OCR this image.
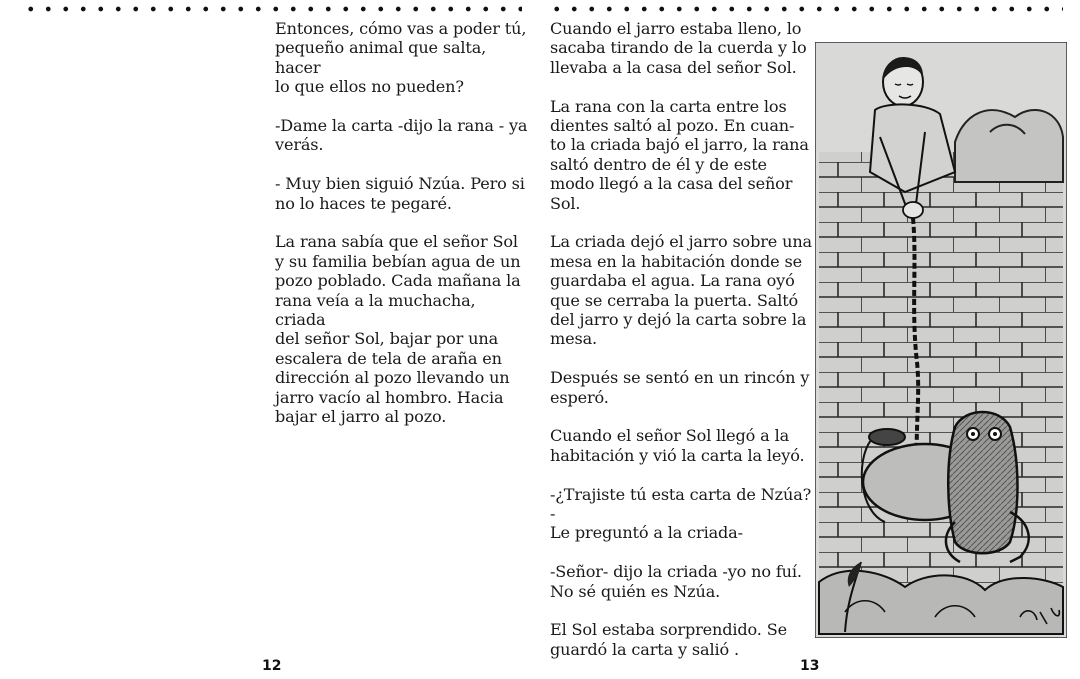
Entonces, cómo vas a poder tú,
pequeño animal que salta, hacer
lo que ellos no pueden?

-Dame la carta -dijo la rana - ya
verás.

- Muy bien siguió Nzúa. Pero si
no lo haces te pegaré.

La rana sabía que el señor Sol
y su familia bebían agua de un
pozo poblado. Cada mañana la
rana veía a la muchacha, criada
del señor Sol, bajar por una
escalera de tela de araña en
dirección al pozo llevando un
jarro vacío al hombro. Hacia
bajar el jarro al pozo.

Cuando el jarro estaba lleno, lo
sacaba tirando de la cuerda y lo
llevaba a la casa del señor Sol.

La rana con la carta entre los
dientes saltó al pozo. En cuan-
to la criada bajó el jarro, la rana
saltó dentro de él y de este
modo llegó a la casa del señor
Sol.

La criada dejó el jarro sobre una
mesa en la habitación donde se
guardaba el agua. La rana oyó
que se cerraba la puerta. Saltó
del jarro y dejó la carta sobre la
mesa.

Después se sentó en un rincón y
esperó.

Cuando el señor Sol llegó a la
habitación y vió la carta la leyó.

-¿Trajiste tú esta carta de Nzúa?-
Le preguntó a la criada-

-Señor- dijo la criada -yo no fuí.
No sé quién es Nzúa.

El Sol estaba sorprendido. Se
guardó la carta y salió .

12	13
